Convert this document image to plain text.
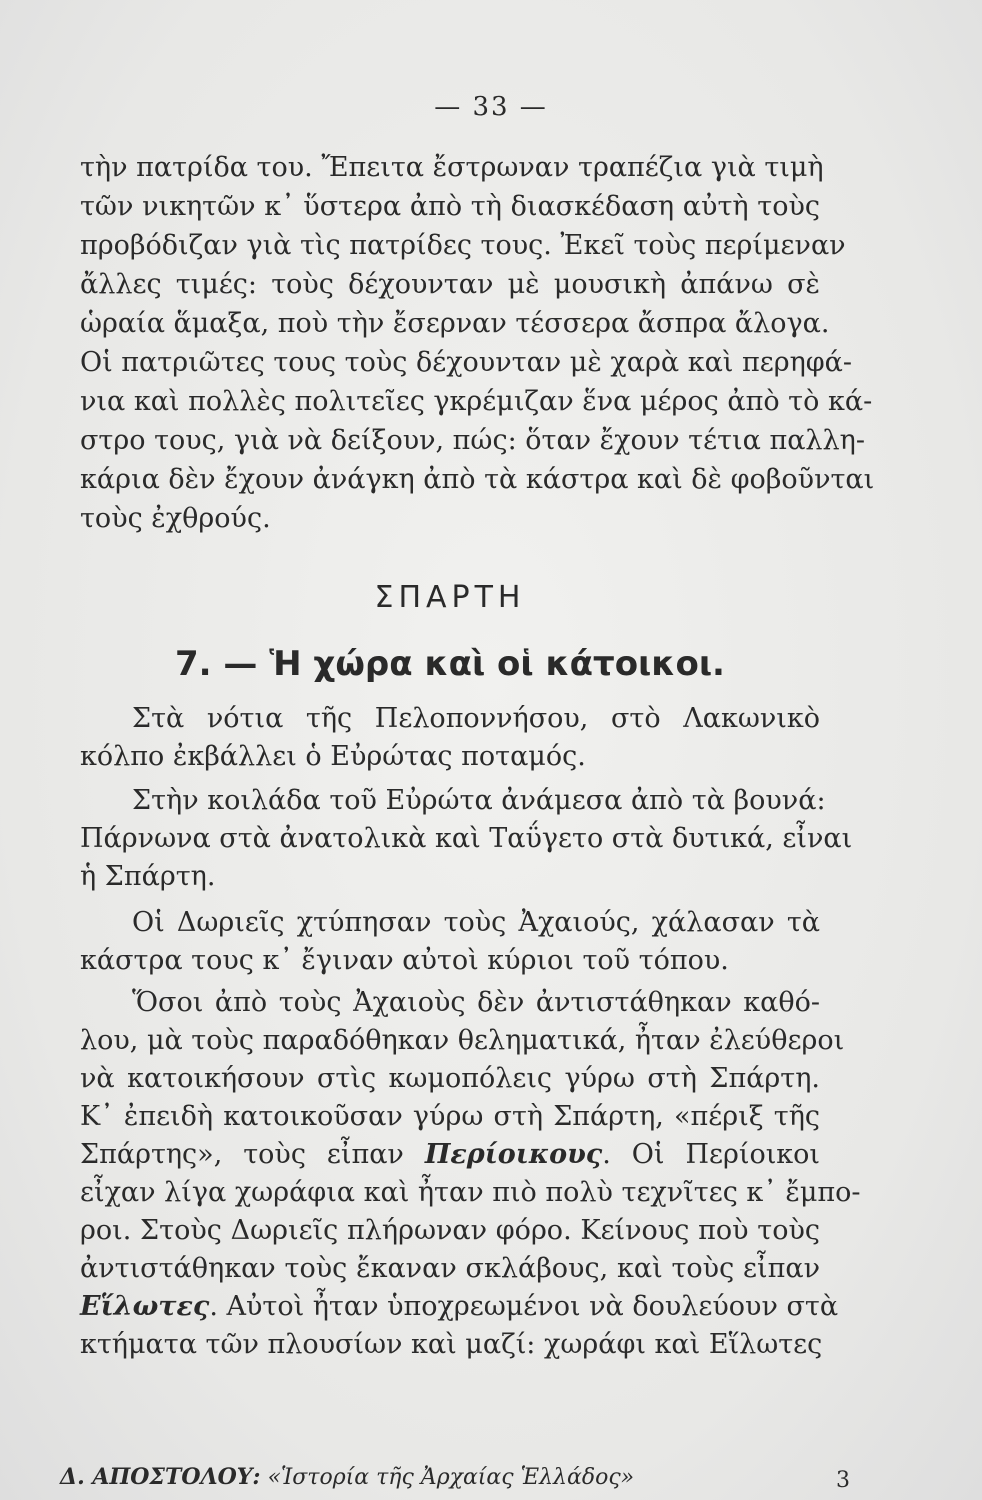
— 33 —
τὴν πατρίδα του. Ἔπειτα ἔστρωναν τραπέζια γιὰ τιμὴ
τῶν νικητῶν κ᾽ ὕστερα ἀπὸ τὴ διασκέδαση αὐτὴ τοὺς
προβόδιζαν γιὰ τὶς πατρίδες τους. Ἐκεῖ τοὺς περίμεναν
ἄλλες τιμές: τοὺς δέχουνταν μὲ μουσικὴ ἀπάνω σὲ
ὡραία ἅμαξα, ποὺ τὴν ἔσερναν τέσσερα ἄσπρα ἄλογα.
Οἱ πατριῶτες τους τοὺς δέχουνταν μὲ χαρὰ καὶ περηφά-
νια καὶ πολλὲς πολιτεῖες γκρέμιζαν ἕνα μέρος ἀπὸ τὸ κά-
στρο τους, γιὰ νὰ δείξουν, πώς: ὅταν ἔχουν τέτια παλλη-
κάρια δὲν ἔχουν ἀνάγκη ἀπὸ τὰ κάστρα καὶ δὲ φοβοῦνται
τοὺς ἐχθρούς.
ΣΠΑΡΤΗ
7. — Ἡ χώρα καὶ οἱ κάτοικοι.
Στὰ νότια τῆς Πελοποννήσου, στὸ Λακωνικὸ
κόλπο ἐκβάλλει ὁ Εὐρώτας ποταμός.
Στὴν κοιλάδα τοῦ Εὐρώτα ἀνάμεσα ἀπὸ τὰ βουνά:
Πάρνωνα στὰ ἀνατολικὰ καὶ Ταΰγετο στὰ δυτικά, εἶναι
ἡ Σπάρτη.
Οἱ Δωριεῖς χτύπησαν τοὺς Ἀχαιούς, χάλασαν τὰ
κάστρα τους κ᾽ ἔγιναν αὐτοὶ κύριοι τοῦ τόπου.
Ὅσοι ἀπὸ τοὺς Ἀχαιοὺς δὲν ἀντιστάθηκαν καθό-
λου, μὰ τοὺς παραδόθηκαν θεληματικά, ἦταν ἐλεύθεροι
νὰ κατοικήσουν στὶς κωμοπόλεις γύρω στὴ Σπάρτη.
Κ᾽ ἐπειδὴ κατοικοῦσαν γύρω στὴ Σπάρτη, «πέριξ τῆς
Σπάρτης», τοὺς εἶπαν Περίοικους. Οἱ Περίοικοι
εἶχαν λίγα χωράφια καὶ ἦταν πιὸ πολὺ τεχνῖτες κ᾽ ἔμπο-
ροι. Στοὺς Δωριεῖς πλήρωναν φόρο. Κείνους ποὺ τοὺς
ἀντιστάθηκαν τοὺς ἔκαναν σκλάβους, καὶ τοὺς εἶπαν
Εἵλωτες. Αὐτοὶ ἦταν ὑποχρεωμένοι νὰ δουλεύουν στὰ
κτήματα τῶν πλουσίων καὶ μαζί: χωράφι καὶ Εἵλωτες
Δ. ΑΠΟΣΤΟΛΟΥ: «Ἱστορία τῆς Ἀρχαίας Ἑλλάδος»	3
